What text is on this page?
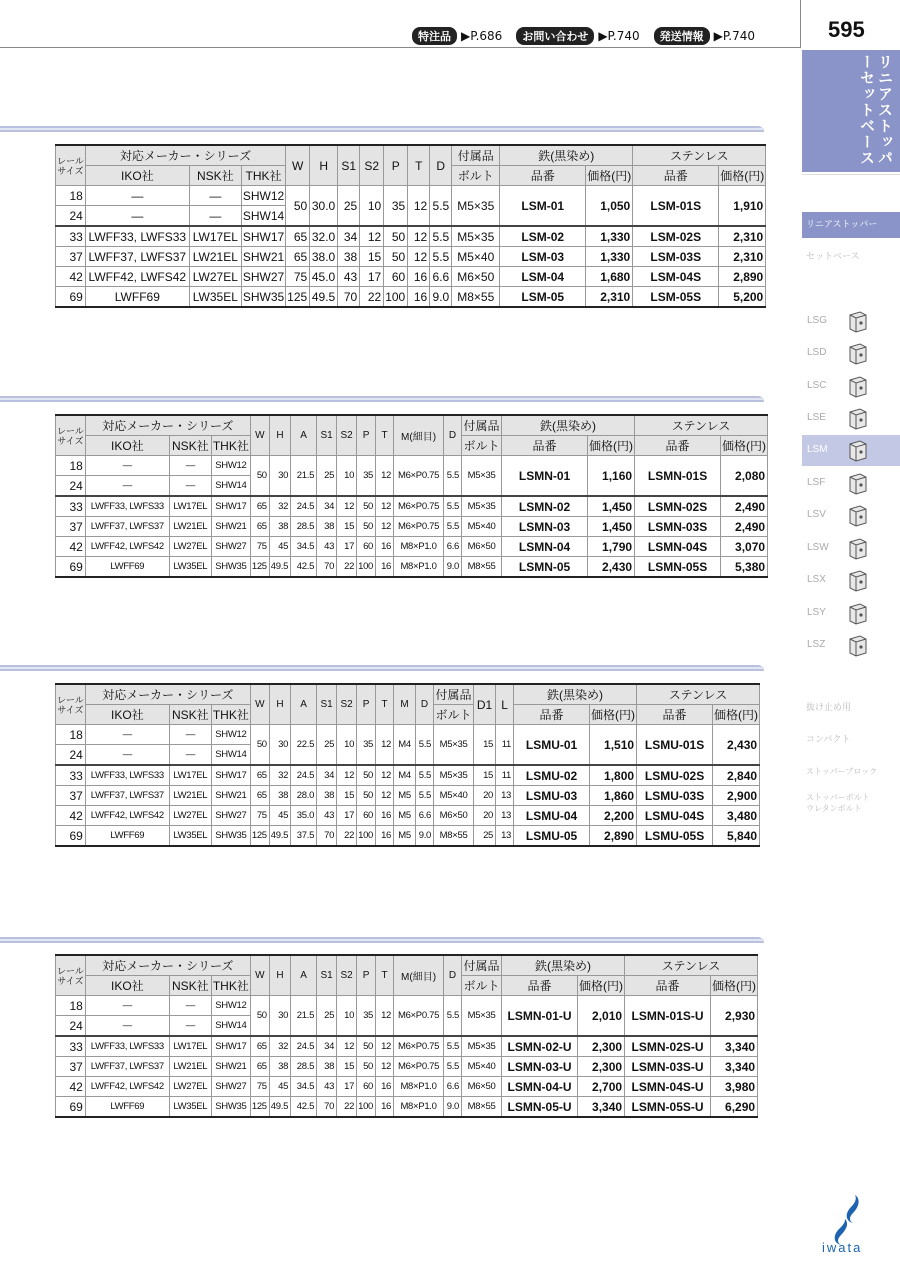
特注品 ▶P.686	お問い合わせ ▶P.740	発送情報 ▶P.740	595
リニアストッパーセットベース
リニアストッパー
セットベース
LSG
LSD
LSC
LSE
LSM
LSF
LSV
LSW
LSX
LSY
LSZ
抜け止め用
コンパクト
ストッパーブロック
ストッパーボルト
ウレタンボルト
レール
サイズ	対応メーカー・シリーズ			W	H	S1	S2	P	T	D	付属品	鉄(黒染め)		ステンレス	
	IKO社	NSK社	THK社								ボルト	品番	価格(円)	品番	価格(円)
18	—	—	SHW12	50	30.0	25	10	35	12	5.5	M5×35	LSM-01	1,050	LSM-01S	1,910
24	—	—	SHW14												
33	LWFF33, LWFS33	LW17EL	SHW17	65	32.0	34	12	50	12	5.5	M5×35	LSM-02	1,330	LSM-02S	2,310
37	LWFF37, LWFS37	LW21EL	SHW21	65	38.0	38	15	50	12	5.5	M5×40	LSM-03	1,330	LSM-03S	2,310
42	LWFF42, LWFS42	LW27EL	SHW27	75	45.0	43	17	60	16	6.6	M6×50	LSM-04	1,680	LSM-04S	2,890
69	LWFF69	LW35EL	SHW35	125	49.5	70	22	100	16	9.0	M8×55	LSM-05	2,310	LSM-05S	5,200
レール
サイズ	対応メーカー・シリーズ			W	H	A	S1	S2	P	T	M(細目)	D	付属品	鉄(黒染め)		ステンレス	
	IKO社	NSK社	THK社										ボルト	品番	価格(円)	品番	価格(円)
18	—	—	SHW12	50	30	21.5	25	10	35	12	M6×P0.75	5.5	M5×35	LSMN-01	1,160	LSMN-01S	2,080
24	—	—	SHW14														
33	LWFF33, LWFS33	LW17EL	SHW17	65	32	24.5	34	12	50	12	M6×P0.75	5.5	M5×35	LSMN-02	1,450	LSMN-02S	2,490
37	LWFF37, LWFS37	LW21EL	SHW21	65	38	28.5	38	15	50	12	M6×P0.75	5.5	M5×40	LSMN-03	1,450	LSMN-03S	2,490
42	LWFF42, LWFS42	LW27EL	SHW27	75	45	34.5	43	17	60	16	M8×P1.0	6.6	M6×50	LSMN-04	1,790	LSMN-04S	3,070
69	LWFF69	LW35EL	SHW35	125	49.5	42.5	70	22	100	16	M8×P1.0	9.0	M8×55	LSMN-05	2,430	LSMN-05S	5,380
レール
サイズ	対応メーカー・シリーズ			W	H	A	S1	S2	P	T	M	D	付属品	D1	L	鉄(黒染め)		ステンレス	
	IKO社	NSK社	THK社										ボルト			品番	価格(円)	品番	価格(円)
18	—	—	SHW12	50	30	22.5	25	10	35	12	M4	5.5	M5×35	15	11	LSMU-01	1,510	LSMU-01S	2,430
24	—	—	SHW14																
33	LWFF33, LWFS33	LW17EL	SHW17	65	32	24.5	34	12	50	12	M4	5.5	M5×35	15	11	LSMU-02	1,800	LSMU-02S	2,840
37	LWFF37, LWFS37	LW21EL	SHW21	65	38	28.0	38	15	50	12	M5	5.5	M5×40	20	13	LSMU-03	1,860	LSMU-03S	2,900
42	LWFF42, LWFS42	LW27EL	SHW27	75	45	35.0	43	17	60	16	M5	6.6	M6×50	20	13	LSMU-04	2,200	LSMU-04S	3,480
69	LWFF69	LW35EL	SHW35	125	49.5	37.5	70	22	100	16	M5	9.0	M8×55	25	13	LSMU-05	2,890	LSMU-05S	5,840
レール
サイズ	対応メーカー・シリーズ			W	H	A	S1	S2	P	T	M(細目)	D	付属品	鉄(黒染め)		ステンレス	
	IKO社	NSK社	THK社										ボルト	品番	価格(円)	品番	価格(円)
18	—	—	SHW12	50	30	21.5	25	10	35	12	M6×P0.75	5.5	M5×35	LSMN-01-U	2,010	LSMN-01S-U	2,930
24	—	—	SHW14														
33	LWFF33, LWFS33	LW17EL	SHW17	65	32	24.5	34	12	50	12	M6×P0.75	5.5	M5×35	LSMN-02-U	2,300	LSMN-02S-U	3,340
37	LWFF37, LWFS37	LW21EL	SHW21	65	38	28.5	38	15	50	12	M6×P0.75	5.5	M5×40	LSMN-03-U	2,300	LSMN-03S-U	3,340
42	LWFF42, LWFS42	LW27EL	SHW27	75	45	34.5	43	17	60	16	M8×P1.0	6.6	M6×50	LSMN-04-U	2,700	LSMN-04S-U	3,980
69	LWFF69	LW35EL	SHW35	125	49.5	42.5	70	22	100	16	M8×P1.0	9.0	M8×55	LSMN-05-U	3,340	LSMN-05S-U	6,290
iwata
